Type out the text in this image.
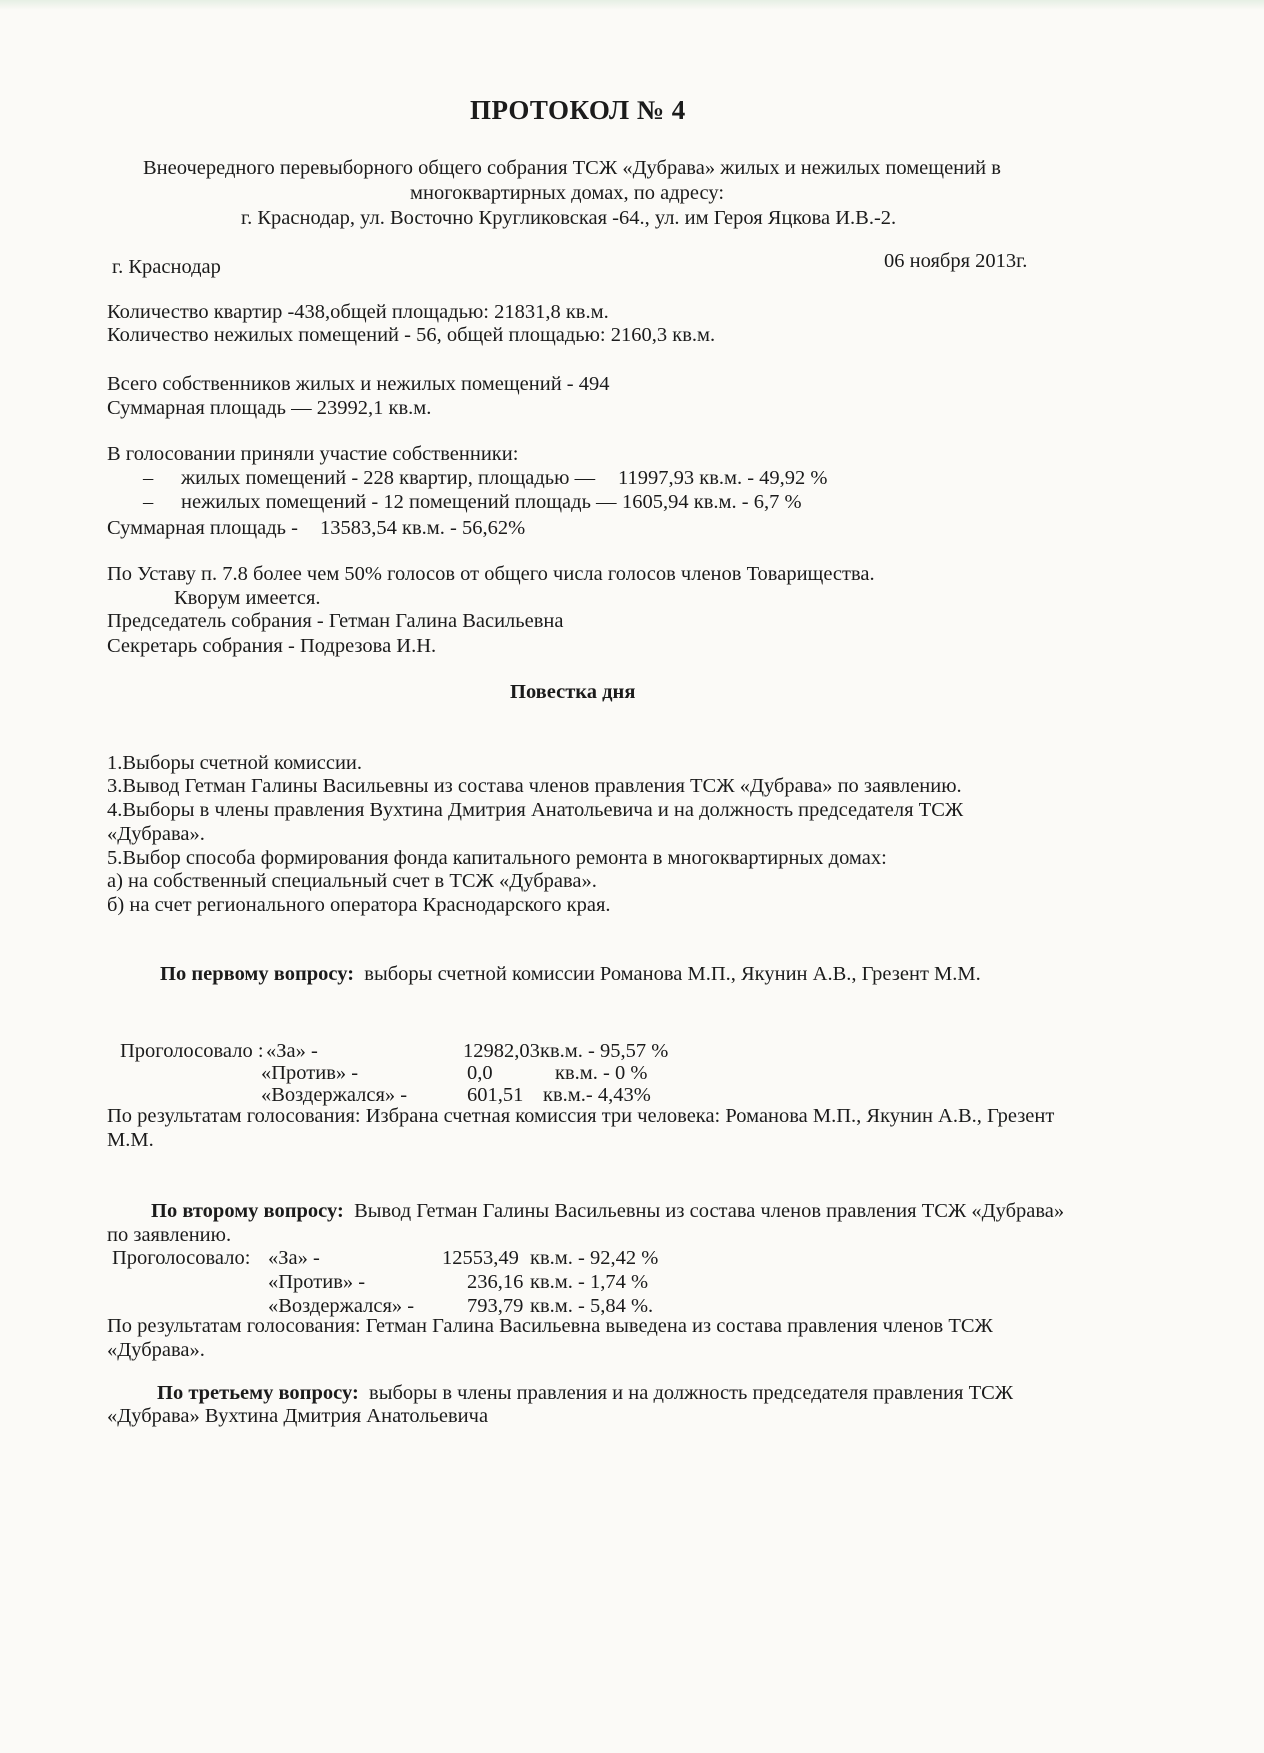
ПРОТОКОЛ № 4
Внеочередного перевыборного общего собрания ТСЖ «Дубрава» жилых и нежилых помещений в
многоквартирных домах, по адресу:
г. Краснодар, ул. Восточно Кругликовская -64., ул. им Героя Яцкова И.В.-2.
г. Краснодар	06 ноября 2013г.
Количество квартир -438,общей площадью: 21831,8 кв.м.
Количество нежилых помещений - 56, общей площадью: 2160,3 кв.м.
Всего собственников жилых и нежилых помещений - 494
Суммарная площадь — 23992,1 кв.м.
В голосовании приняли участие собственники:
– жилых помещений - 228 квартир, площадью — 11997,93 кв.м. - 49,92 %
– нежилых помещений - 12 помещений площадь — 1605,94 кв.м. - 6,7 %
Суммарная площадь - 13583,54 кв.м. - 56,62%
По Уставу п. 7.8 более чем 50% голосов от общего числа голосов членов Товарищества.
Кворум имеется.
Председатель собрания - Гетман Галина Васильевна
Секретарь собрания - Подрезова И.Н.
Повестка дня
1.Выборы счетной комиссии.
3.Вывод Гетман Галины Васильевны из состава членов правления ТСЖ «Дубрава» по заявлению.
4.Выборы в члены правления Вухтина Дмитрия Анатольевича и на должность председателя ТСЖ
«Дубрава».
5.Выбор способа формирования фонда капитального ремонта в многоквартирных домах:
а) на собственный специальный счет в ТСЖ «Дубрава».
б) на счет регионального оператора Краснодарского края.
По первому вопросу: выборы счетной комиссии Романова М.П., Якунин А.В., Грезент М.М.
Проголосовало : «За» -	12982,03 кв.м. - 95,57 %
«Против» -	0,0	кв.м. - 0 %
«Воздержался» -	601,51 кв.м.- 4,43%
По результатам голосования: Избрана счетная комиссия три человека: Романова М.П., Якунин А.В., Грезент
М.М.
По второму вопросу: Вывод Гетман Галины Васильевны из состава членов правления ТСЖ «Дубрава»
по заявлению.
Проголосовало: «За» -	12553,49 кв.м. - 92,42 %
«Против» -	236,16 кв.м. - 1,74 %
«Воздержался» -	793,79 кв.м. - 5,84 %.
По результатам голосования: Гетман Галина Васильевна выведена из состава правления членов ТСЖ
«Дубрава».
По третьему вопросу: выборы в члены правления и на должность председателя правления ТСЖ
«Дубрава» Вухтина Дмитрия Анатольевича
